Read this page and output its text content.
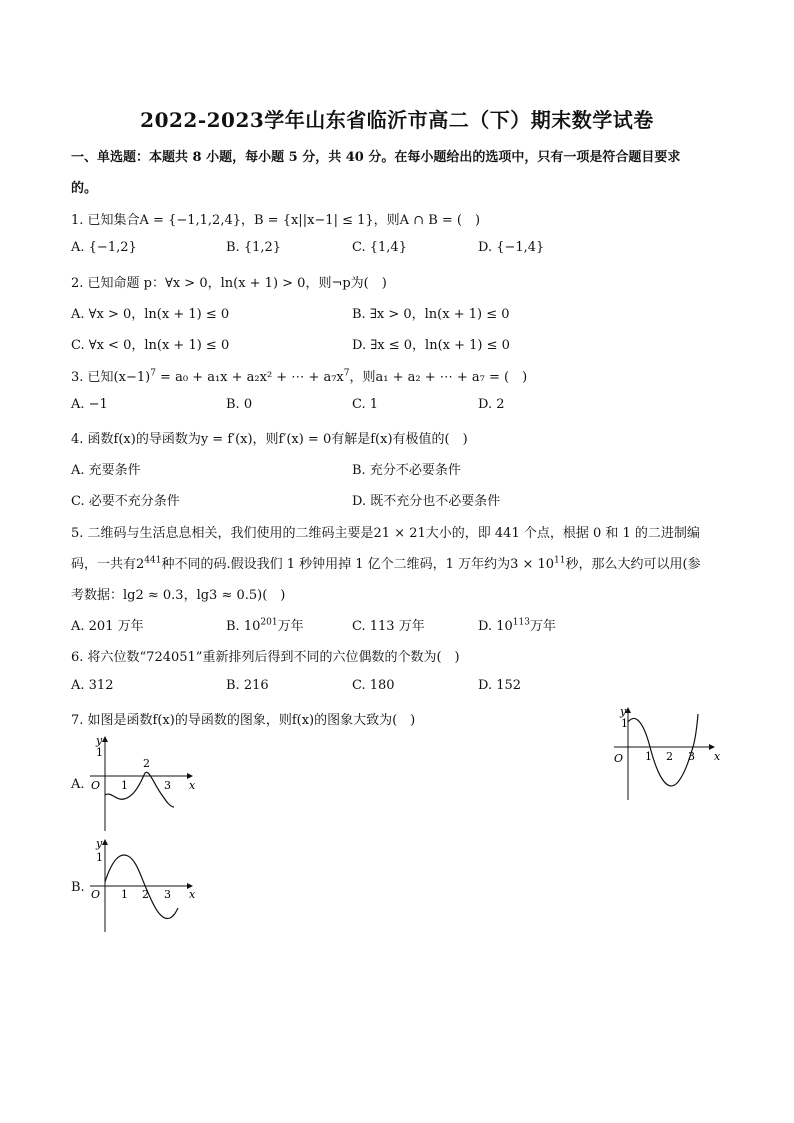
2022-2023学年山东省临沂市高二（下）期末数学试卷
一、单选题：本题共 8 小题，每小题 5 分，共 40 分。在每小题给出的选项中，只有一项是符合题目要求
的。
1. 已知集合A = {−1,1,2,4}，B = {x||x−1| ≤ 1}，则A ∩ B = (　)
A. {−1,2}	B. {1,2}	C. {1,4}	D. {−1,4}
2. 已知命题 p：∀x > 0，ln(x + 1) > 0，则¬p为(　)
A. ∀x > 0，ln(x + 1) ≤ 0	B. ∃x > 0，ln(x + 1) ≤ 0
C. ∀x < 0，ln(x + 1) ≤ 0	D. ∃x ≤ 0，ln(x + 1) ≤ 0
3. 已知$(x-1)^7 = a_0 + a_1x + a_2x^2$ + ⋯ + $a_7x^7$，则a₁ + a₂ + ⋯ + a₇ = (　)
A. −1	B. 0	C. 1	D. 2
4. 函数f(x)的导函数为y = f′(x)，则f′(x) = 0有解是f(x)有极值的(　)
A. 充要条件	B. 充分不必要条件
C. 必要不充分条件	D. 既不充分也不必要条件
5. 二维码与生活息息相关，我们使用的二维码主要是21 × 21大小的，即 441 个点，根据 0 和 1 的二进制编
码，一共有$2^{441}$种不同的码.假设我们 1 秒钟用掉 1 亿个二维码，1 万年约为$3 \times 10^{11}$秒，那么大约可以用(参
考数据：lg2 ≈ 0.3，lg3 ≈ 0.5)(　)
A. 201 万年	B. $10^{201}$万年	C. 113 万年	D. $10^{113}$万年
6. 将六位数“724051”重新排列后得到不同的六位偶数的个数为(　)
A. 312	B. 216	C. 180	D. 152
7. 如图是函数f(x)的导函数的图象，则f(x)的图象大致为(　)
y
1
x
O 1 2 3
A.
y
1
x
O 1
2
3
B.
y
1
x
O 1 2 3
